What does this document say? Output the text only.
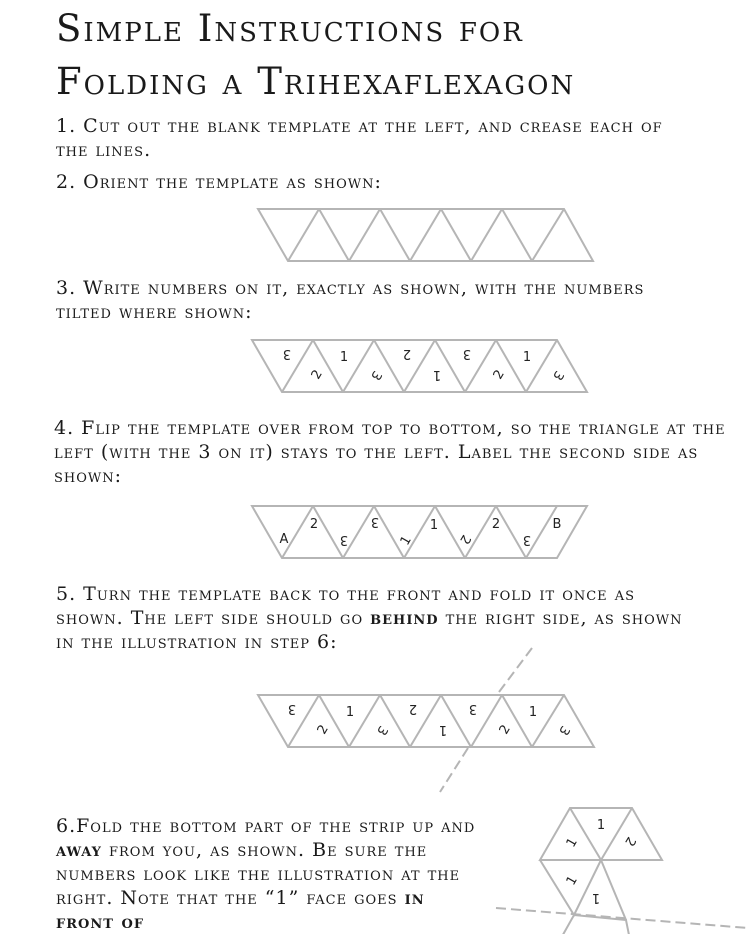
Simple Instructions for
Folding a Trihexaflexagon

1. Cut out the blank template at the left, and crease each of the lines.

2. Orient the template as shown:

3. Write numbers on it, exactly as shown, with the numbers tilted where shown:

3	1	2	3	1
2	3	1	2	3

4. Flip the template over from top to bottom, so the triangle at the left (with the 3 on it) stays to the left. Label the second side as shown:

A
2
3
3	1
1	2
2
3
B

5. Turn the template back to the front and fold it once as shown. The left side should go behind the right side, as shown in the illustration in step 6:

3	1	2	3	1
2	3	1	2	3

6.Fold the bottom part of the strip up and away from you, as shown. Be sure the numbers look like the illustration at the right. Note that the “1” face goes in front of

1
1
2
1
1
